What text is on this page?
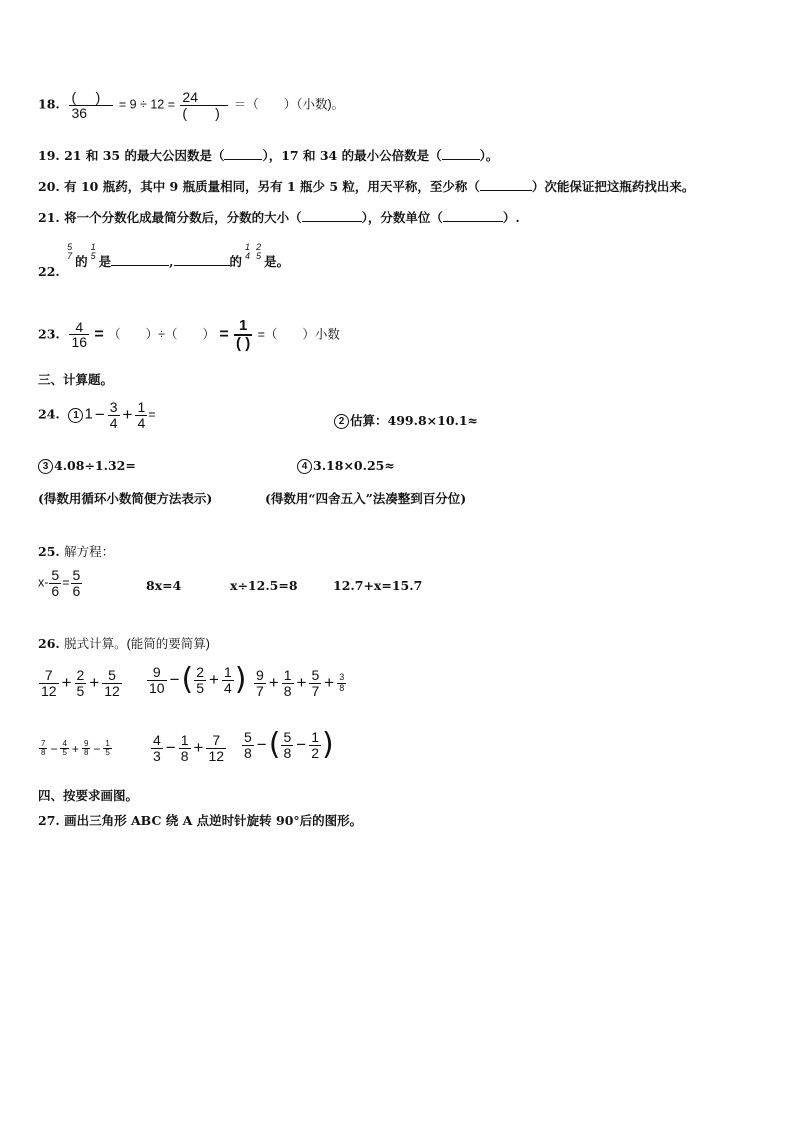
18. $\frac{( )}{36} = 9 \div 12 = \frac{24}{( )}$ ＝（　　）（小数)。
19. 21 和 35 的最大公因数是（	），17 和 34 的最小公倍数是（	）。
20. 有 10 瓶药，其中 9 瓶质量相同，另有 1 瓶少 5 粒，用天平称，至少称（	）次能保证把这瓶药找出来。
21. 将一个分数化成最简分数后，分数的大小（	），分数单位（	）.
22.
5
7 的
1
5 是	,	的
1
4
2
5 是。
23. $\frac{4}{16}$ = （　　）÷（　　） = $\frac{1}{( )}$ =（　　）小数
三、计算题。
24. 1 $1 - \frac{3}{4} + \frac{1}{4}$ =	2 估算：499.8×10.1≈
3 4.08÷1.32=	4 3.18×0.25≈
(得数用循环小数简便方法表示)	(得数用“四舍五入”法凑整到百分位)
25. 解方程：
$x- \frac{5}{6} = \frac{5}{6}$	8x=4	x÷12.5=8	12.7+x=15.7
26. 脱式计算。(能简的要简算)
$\frac{7}{12} + \frac{2}{5} + \frac{5}{12} \frac{9}{10}$ −( $\frac{2}{5} + \frac{1}{4}$ ) $\frac{9}{7} + \frac{1}{8} + \frac{5}{7} + \frac{3}{8}$
$\frac{7}{8} - \frac{4}{5} + \frac{9}{8} - \frac{1}{5}$	$\frac{4}{3} - \frac{1}{8} + \frac{7}{12} \frac{5}{8}$ −( $\frac{5}{8} - \frac{1}{2}$ )
四、按要求画图。
27. 画出三角形 ABC 绕 A 点逆时针旋转 90°后的图形。
